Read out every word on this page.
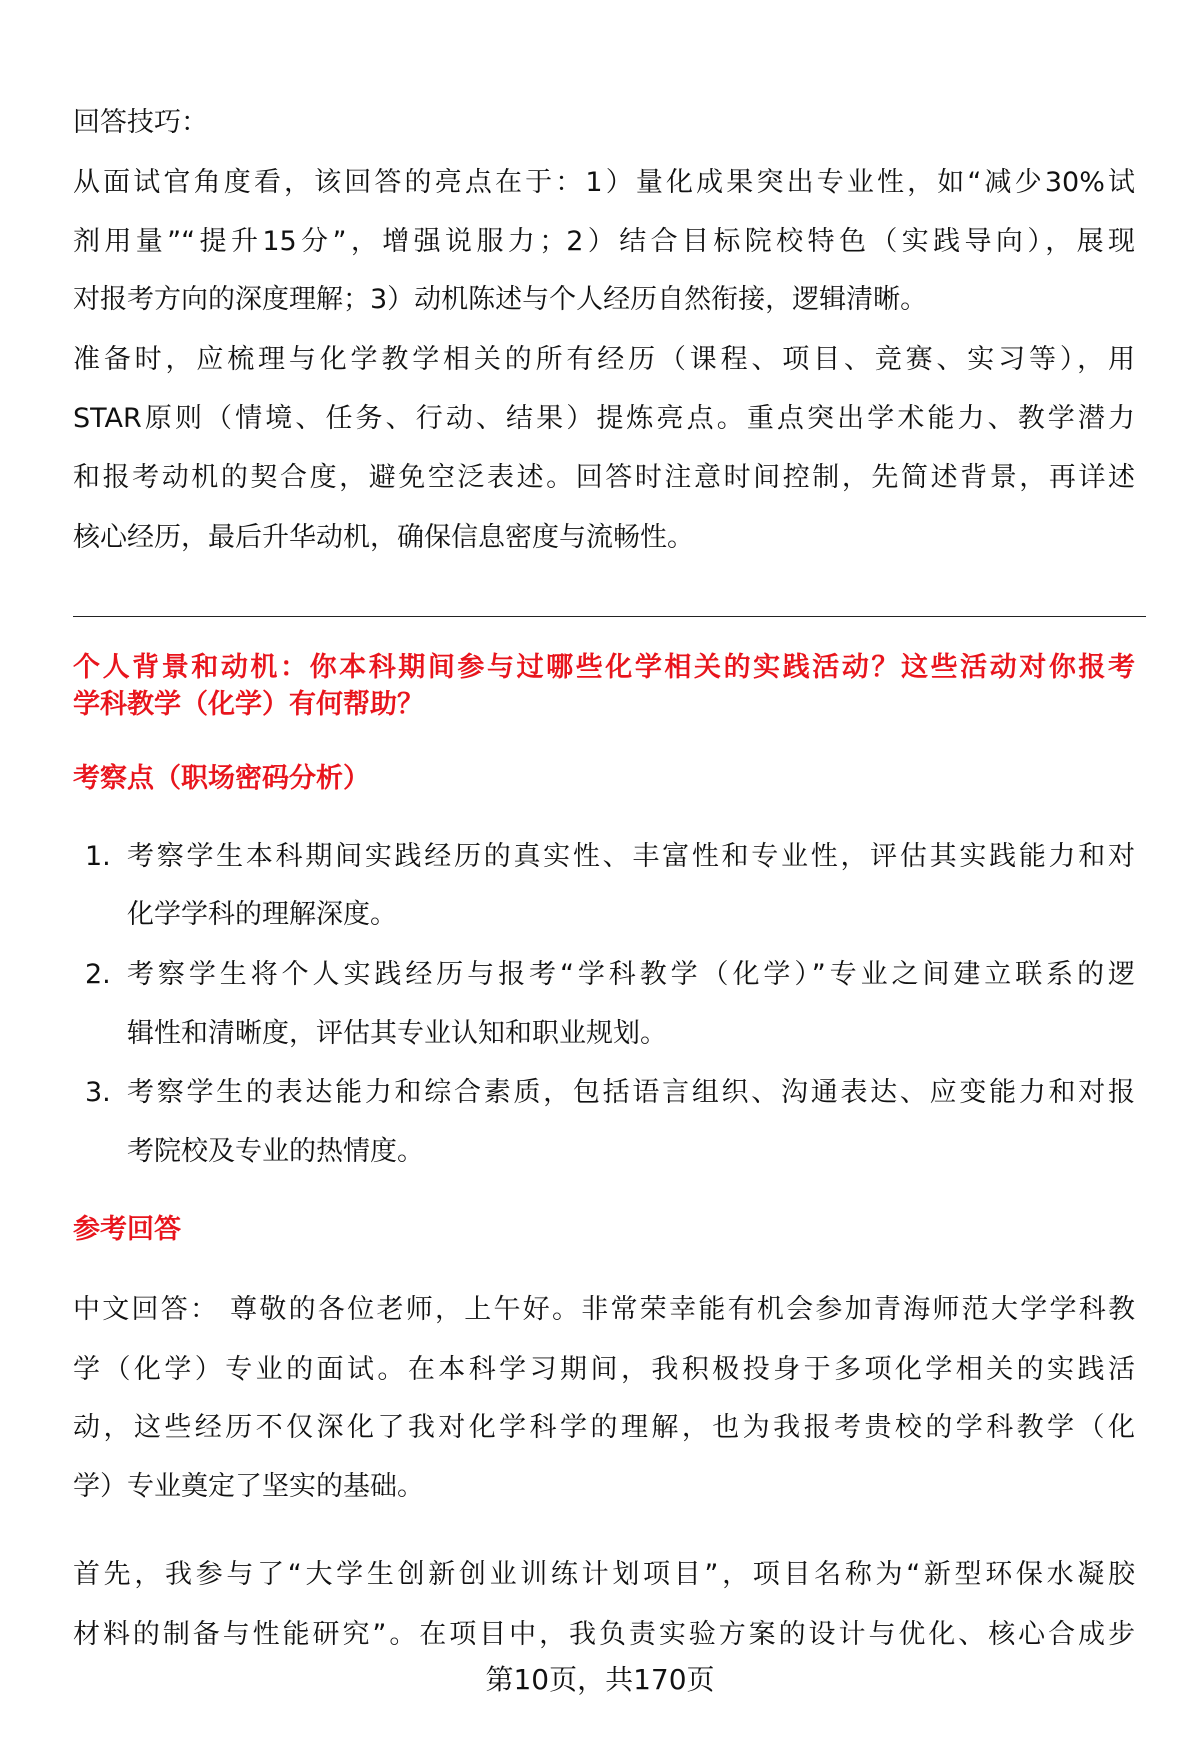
回答技巧：
从面试官角度看，该回答的亮点在于：1）量化成果突出专业性，如“减少30%试
剂用量”“提升15分”，增强说服力；2）结合目标院校特色（实践导向），展现
对报考方向的深度理解；3）动机陈述与个人经历自然衔接，逻辑清晰。
准备时，应梳理与化学教学相关的所有经历（课程、项目、竞赛、实习等），用
STAR原则（情境、任务、行动、结果）提炼亮点。重点突出学术能力、教学潜力
和报考动机的契合度，避免空泛表述。回答时注意时间控制，先简述背景，再详述
核心经历，最后升华动机，确保信息密度与流畅性。
个人背景和动机：你本科期间参与过哪些化学相关的实践活动？这些活动对你报考
学科教学（化学）有何帮助？
考察点（职场密码分析）
1. 考察学生本科期间实践经历的真实性、丰富性和专业性，评估其实践能力和对
化学学科的理解深度。
2. 考察学生将个人实践经历与报考“学科教学（化学）”专业之间建立联系的逻
辑性和清晰度，评估其专业认知和职业规划。
3. 考察学生的表达能力和综合素质，包括语言组织、沟通表达、应变能力和对报
考院校及专业的热情度。
参考回答
中文回答： 尊敬的各位老师，上午好。非常荣幸能有机会参加青海师范大学学科教
学（化学）专业的面试。在本科学习期间，我积极投身于多项化学相关的实践活
动，这些经历不仅深化了我对化学科学的理解，也为我报考贵校的学科教学（化
学）专业奠定了坚实的基础。
首先，我参与了“大学生创新创业训练计划项目”，项目名称为“新型环保水凝胶
材料的制备与性能研究”。在项目中，我负责实验方案的设计与优化、核心合成步
第10页，共170页
